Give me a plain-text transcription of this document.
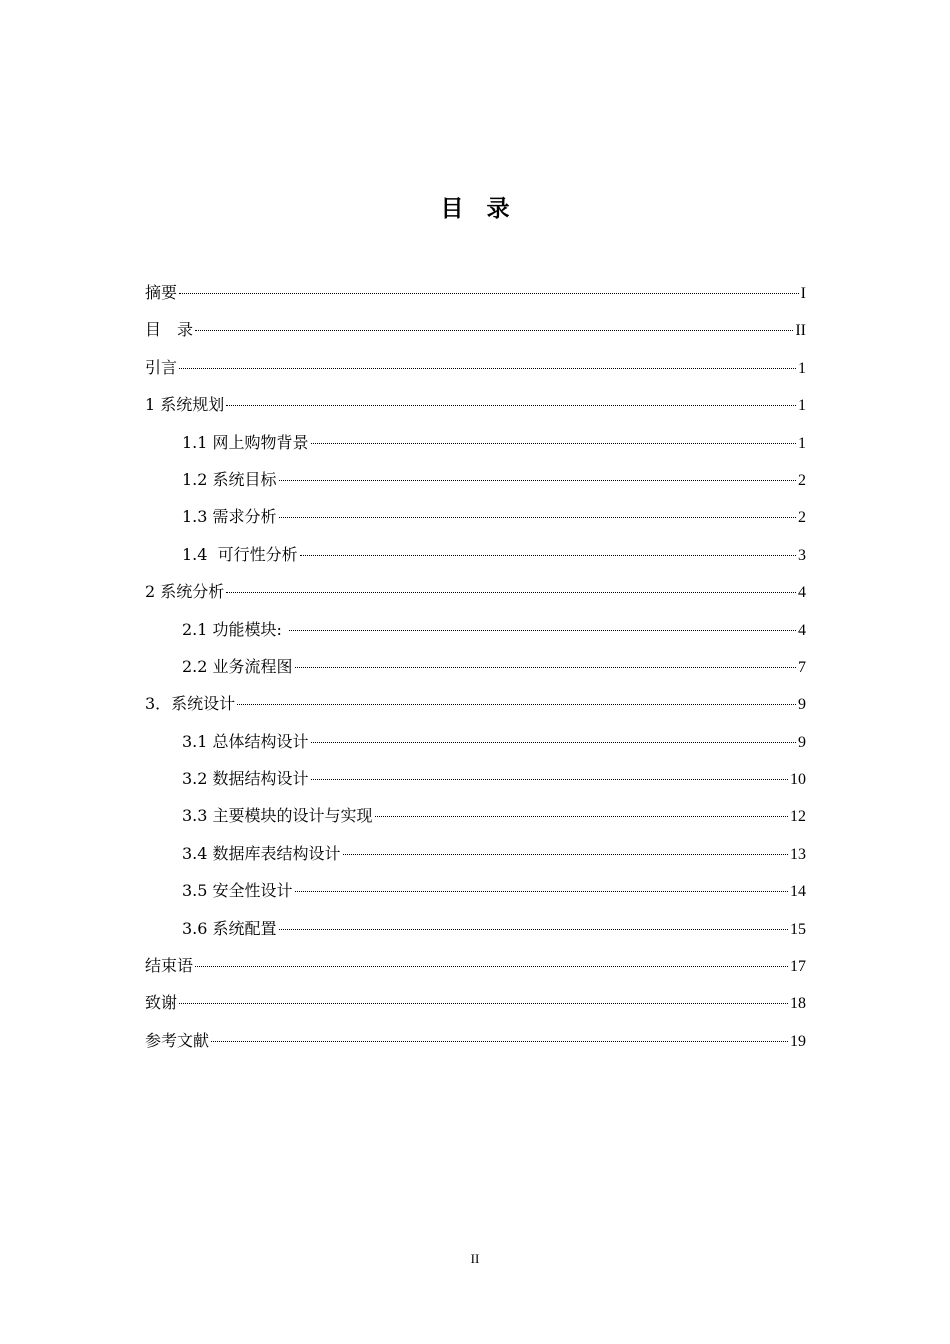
目　录
摘要	I
目　录	II
引言	1
1 系统规划	1
1.1 网上购物背景	1
1.2 系统目标	2
1.3 需求分析	2
1.4  可行性分析	3
2 系统分析	4
2.1 功能模块:	4
2.2 业务流程图	7
3．系统设计	9
3.1 总体结构设计	9
3.2 数据结构设计	10
3.3 主要模块的设计与实现	12
3.4 数据库表结构设计	13
3.5 安全性设计	14
3.6 系统配置	15
结束语	17
致谢	18
参考文献	19
II
